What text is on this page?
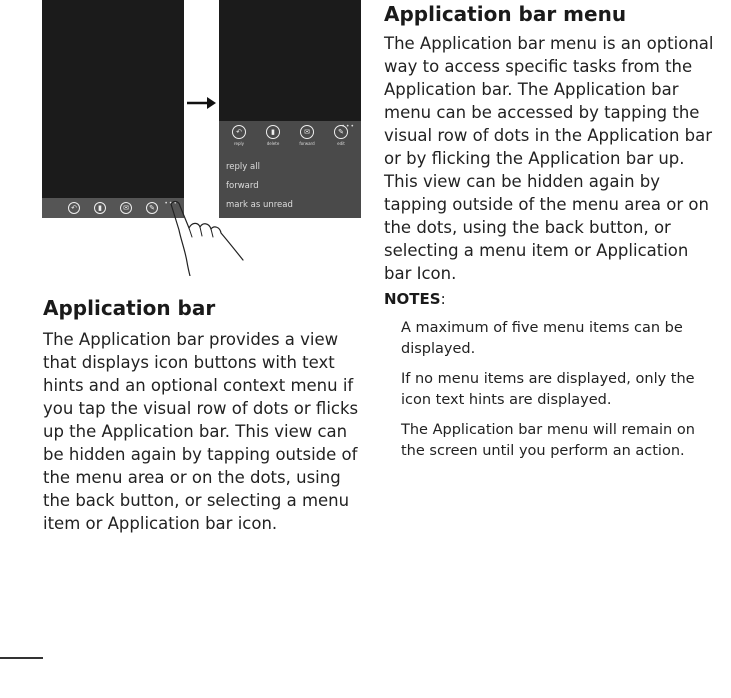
↶	▮	✉	✎	•••
•••
↶
reply
▮
delete
✉
forward
✎
edit
reply all
forward
mark as unread
Application bar

The Application bar provides a view that displays icon buttons with text hints and an optional context menu if you tap the visual row of dots or flicks up the Application bar. This view can be hidden again by tapping outside of the menu area or on the dots, using the back button, or selecting a menu item or Application bar icon.

Application bar menu

The Application bar menu is an optional way to access specific tasks from the Application bar. The Application bar menu can be accessed by tapping the visual row of dots in the Application bar or by flicking the Application bar up. This view can be hidden again by tapping outside of the menu area or on the dots, using the back button, or selecting a menu item or Application bar Icon.

NOTES:

A maximum of five menu items can be displayed.

If no menu items are displayed, only the icon text hints are displayed.

The Application bar menu will remain on the screen until you perform an action.
